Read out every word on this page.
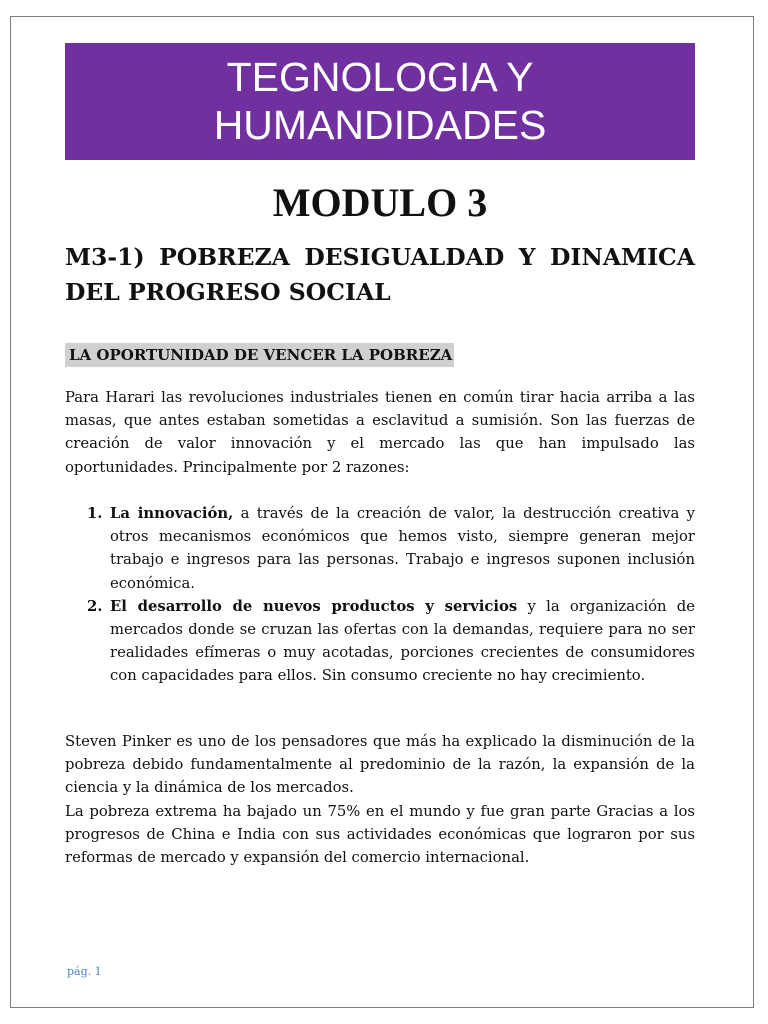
TEGNOLOGIA Y
HUMANDIDADES
MODULO 3
M3-1) POBREZA DESIGUALDAD Y DINAMICA DEL PROGRESO SOCIAL
LA OPORTUNIDAD DE VENCER LA POBREZA

Para Harari las revoluciones industriales tienen en común tirar hacia arriba a las masas, que antes estaban sometidas a esclavitud a sumisión. Son las fuerzas de creación de valor innovación y el mercado las que han impulsado las oportunidades. Principalmente por 2 razones:

1. La innovación, a través de la creación de valor, la destrucción creativa y otros mecanismos económicos que hemos visto, siempre generan mejor trabajo e ingresos para las personas. Trabajo e ingresos suponen inclusión económica.
2. El desarrollo de nuevos productos y servicios y la organización de mercados donde se cruzan las ofertas con la demandas, requiere para no ser realidades efímeras o muy acotadas, porciones crecientes de consumidores con capacidades para ellos. Sin consumo creciente no hay crecimiento.

Steven Pinker es uno de los pensadores que más ha explicado la disminución de la pobreza debido fundamentalmente al predominio de la razón, la expansión de la ciencia y la dinámica de los mercados.

La pobreza extrema ha bajado un 75% en el mundo y fue gran parte Gracias a los progresos de China e India con sus actividades económicas que lograron por sus reformas de mercado y expansión del comercio internacional.

pág. 1
